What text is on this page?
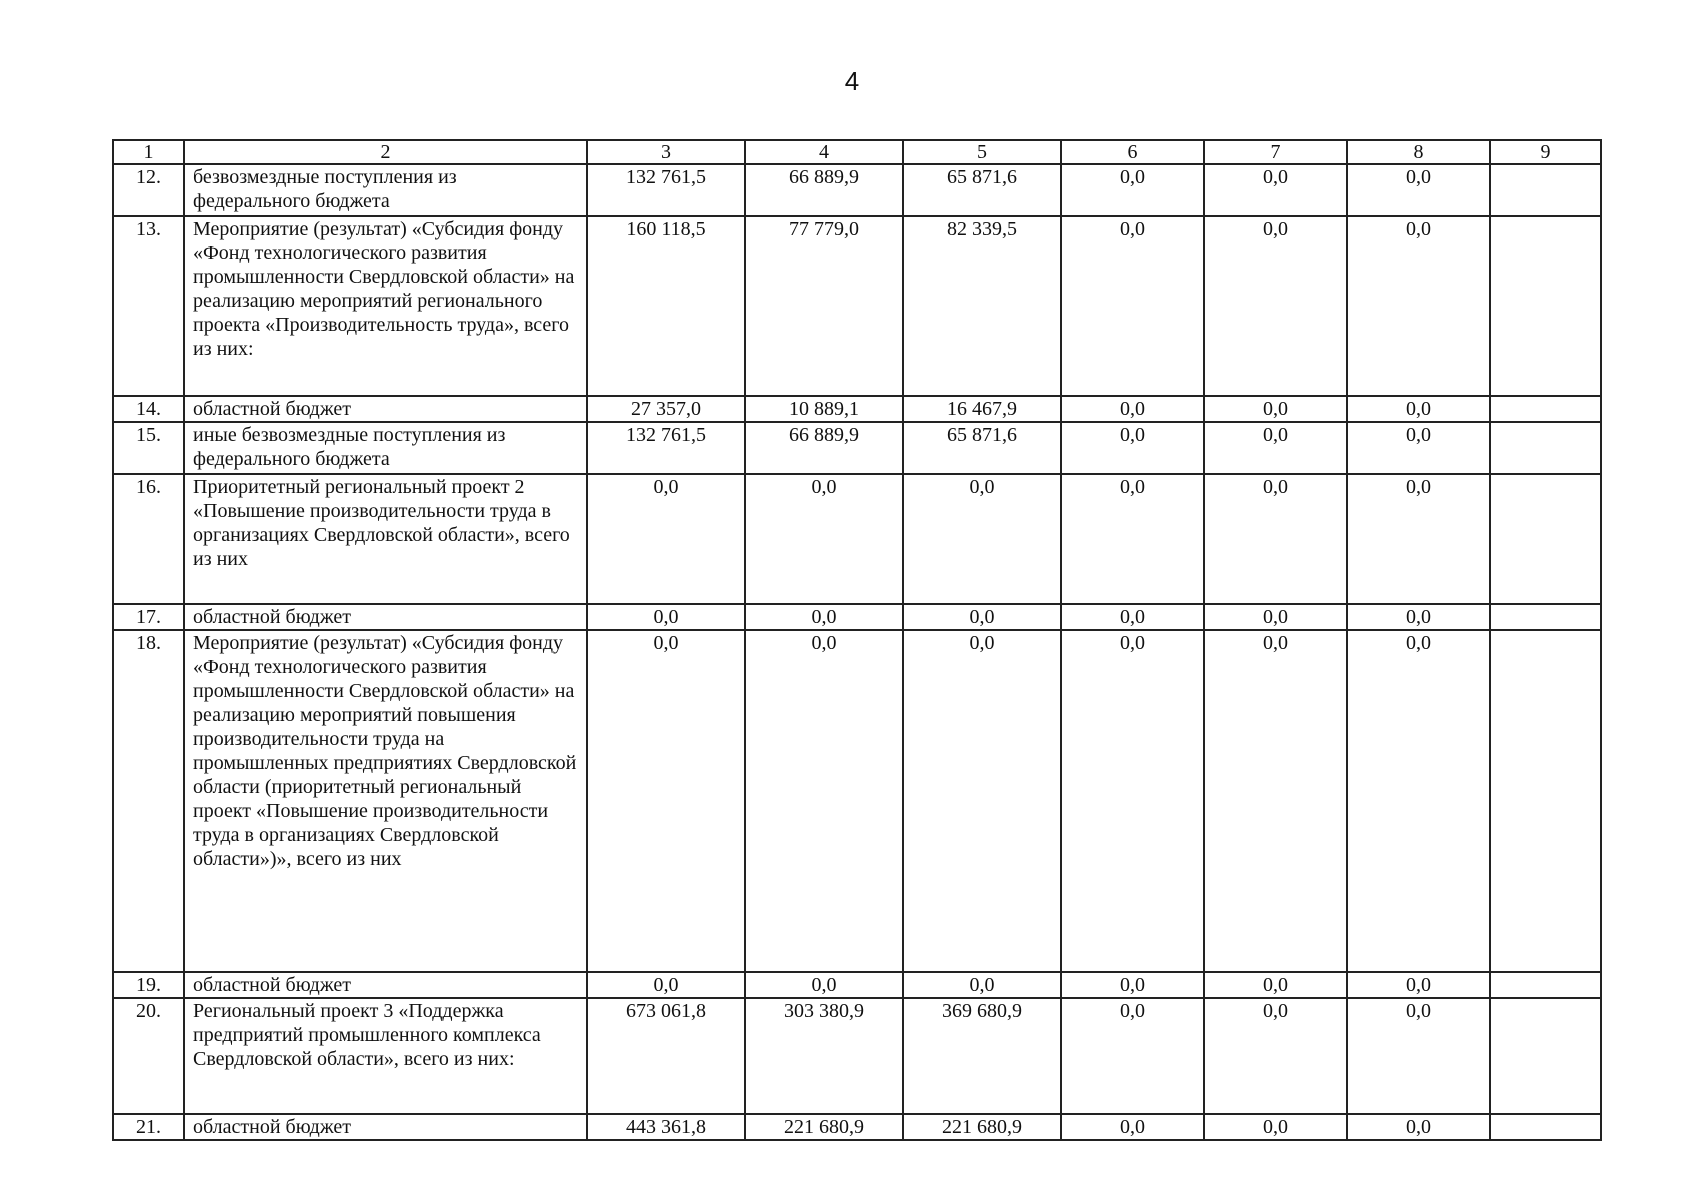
4
1	2	3	4	5	6	7	8	9
12.	безвозмездные поступления из федерального бюджета	132 761,5	66 889,9	65 871,6	0,0	0,0	0,0	
13.	Мероприятие (результат) «Субсидия фонду «Фонд технологического развития промышленности Свердловской области» на реализацию мероприятий регионального проекта «Производительность труда», всего из них:	160 118,5	77 779,0	82 339,5	0,0	0,0	0,0	
14.	областной бюджет	27 357,0	10 889,1	16 467,9	0,0	0,0	0,0	
15.	иные безвозмездные поступления из федерального бюджета	132 761,5	66 889,9	65 871,6	0,0	0,0	0,0	
16.	Приоритетный региональный проект 2 «Повышение производительности труда в организациях Свердловской области», всего из них	0,0	0,0	0,0	0,0	0,0	0,0	
17.	областной бюджет	0,0	0,0	0,0	0,0	0,0	0,0	
18.	Мероприятие (результат) «Субсидия фонду «Фонд технологического развития промышленности Свердловской области» на реализацию мероприятий повышения производительности труда на промышленных предприятиях Свердловской области (приоритетный региональный проект «Повышение производительности труда в организациях Свердловской области»)», всего из них	0,0	0,0	0,0	0,0	0,0	0,0	
19.	областной бюджет	0,0	0,0	0,0	0,0	0,0	0,0	
20.	Региональный проект 3 «Поддержка предприятий промышленного комплекса Свердловской области», всего из них:	673 061,8	303 380,9	369 680,9	0,0	0,0	0,0	
21.	областной бюджет	443 361,8	221 680,9	221 680,9	0,0	0,0	0,0	
